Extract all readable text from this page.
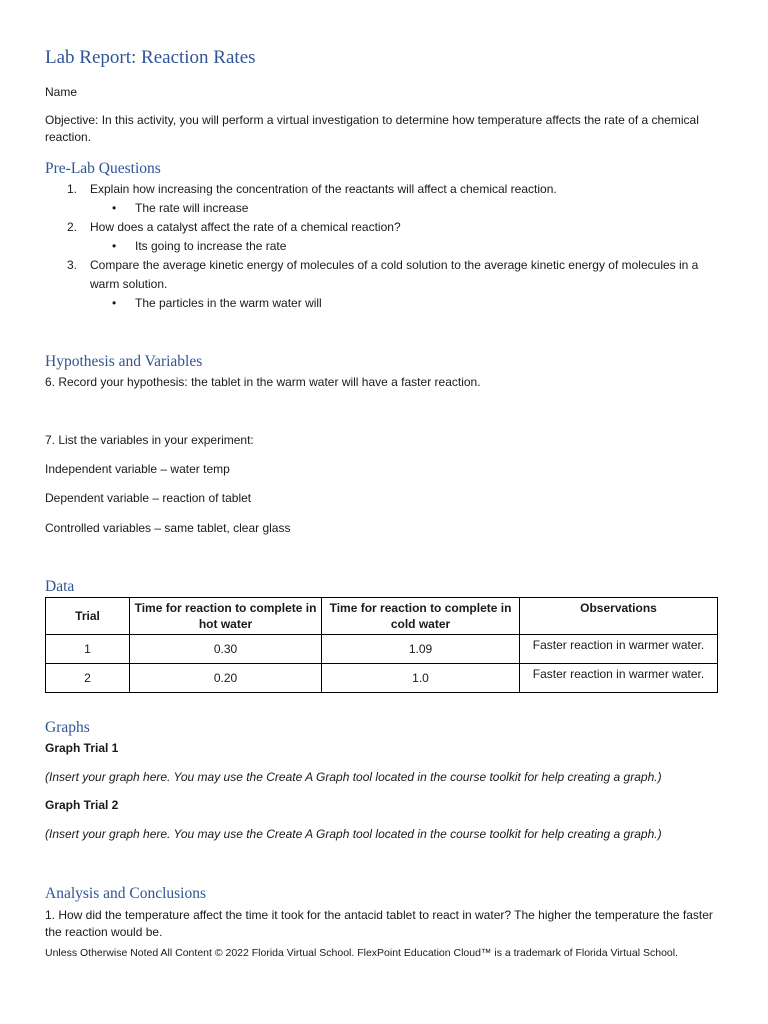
Lab Report: Reaction Rates
Name
Objective: In this activity, you will perform a virtual investigation to determine how temperature affects the rate of a chemical reaction.
Pre-Lab Questions
1.	Explain how increasing the concentration of the reactants will affect a chemical reaction.
•	The rate will increase
2.	How does a catalyst affect the rate of a chemical reaction?
•	Its going to increase the rate
3.	Compare the average kinetic energy of molecules of a cold solution to the average kinetic energy of molecules in a warm solution.
•	The particles in the warm water will
Hypothesis and Variables
6. Record your hypothesis: the tablet in the warm water will have a faster reaction.
7. List the variables in your experiment:
Independent variable – water temp
Dependent variable – reaction of tablet
Controlled variables – same tablet, clear glass
Data
Trial	Time for reaction to complete in hot water	Time for reaction to complete in cold water	Observations
1	0.30	1.09	Faster reaction in warmer water.
2	0.20	1.0	Faster reaction in warmer water.
Graphs
Graph Trial 1
(Insert your graph here. You may use the Create A Graph tool located in the course toolkit for help creating a graph.)
Graph Trial 2
(Insert your graph here. You may use the Create A Graph tool located in the course toolkit for help creating a graph.)
Analysis and Conclusions
1. How did the temperature affect the time it took for the antacid tablet to react in water? The higher the temperature the faster the reaction would be.
Unless Otherwise Noted All Content © 2022 Florida Virtual School. FlexPoint Education Cloud™ is a trademark of Florida Virtual School.
